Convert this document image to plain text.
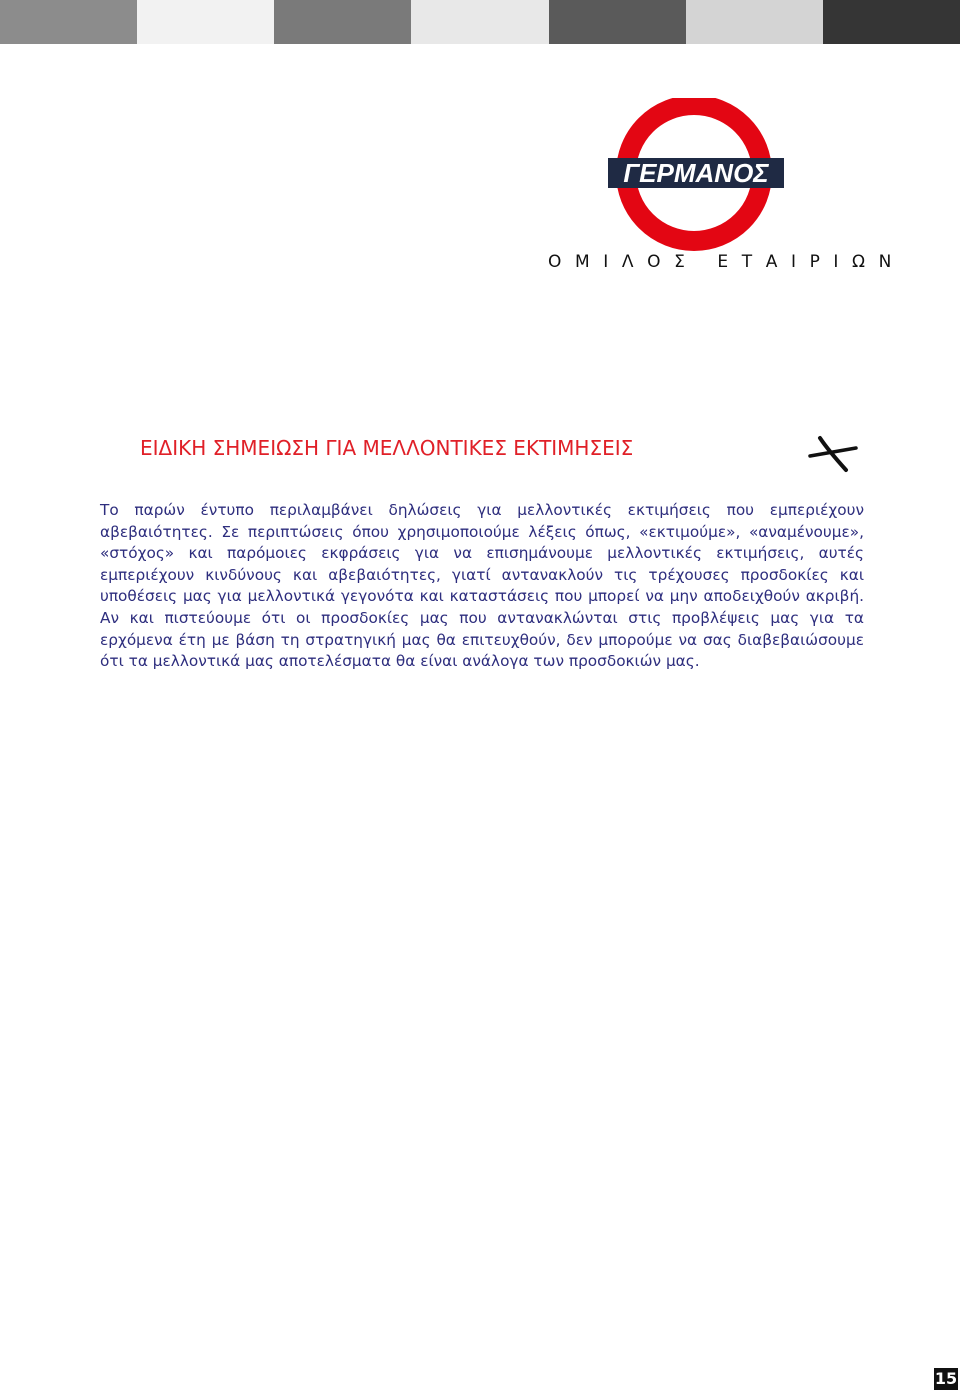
ΓΕΡΜΑΝΟΣ
ΟΜΙΛΟΣ ΕΤΑΙΡΙΩΝ
ΕΙΔΙΚΗ ΣΗΜΕΙΩΣΗ ΓΙΑ ΜΕΛΛΟΝΤΙΚΕΣ ΕΚΤΙΜΗΣΕΙΣ
Το παρών έντυπο περιλαμβάνει δηλώσεις για μελλοντικές εκτιμήσεις που εμπεριέχουν αβεβαιότητες. Σε περιπτώσεις όπου χρησιμοποιούμε λέξεις όπως, «εκτιμούμε», «αναμένουμε», «στόχος» και παρόμοιες εκφράσεις για να επισημάνουμε μελλοντικές εκτιμήσεις, αυτές εμπεριέχουν κινδύνους και αβεβαιότητες, γιατί αντανακλούν τις τρέχουσες προσδοκίες και υποθέσεις μας για μελλοντικά γεγονότα και καταστάσεις που μπορεί να μην αποδειχθούν ακριβή. Αν και πιστεύουμε ότι οι προσδοκίες μας που αντανακλώνται στις προβλέψεις μας για τα ερχόμενα έτη με βάση τη στρατηγική μας θα επιτευχθούν, δεν μπορούμε να σας διαβεβαιώσουμε ότι τα μελλοντικά μας αποτελέσματα θα είναι ανάλογα των προσδοκιών μας.
15
